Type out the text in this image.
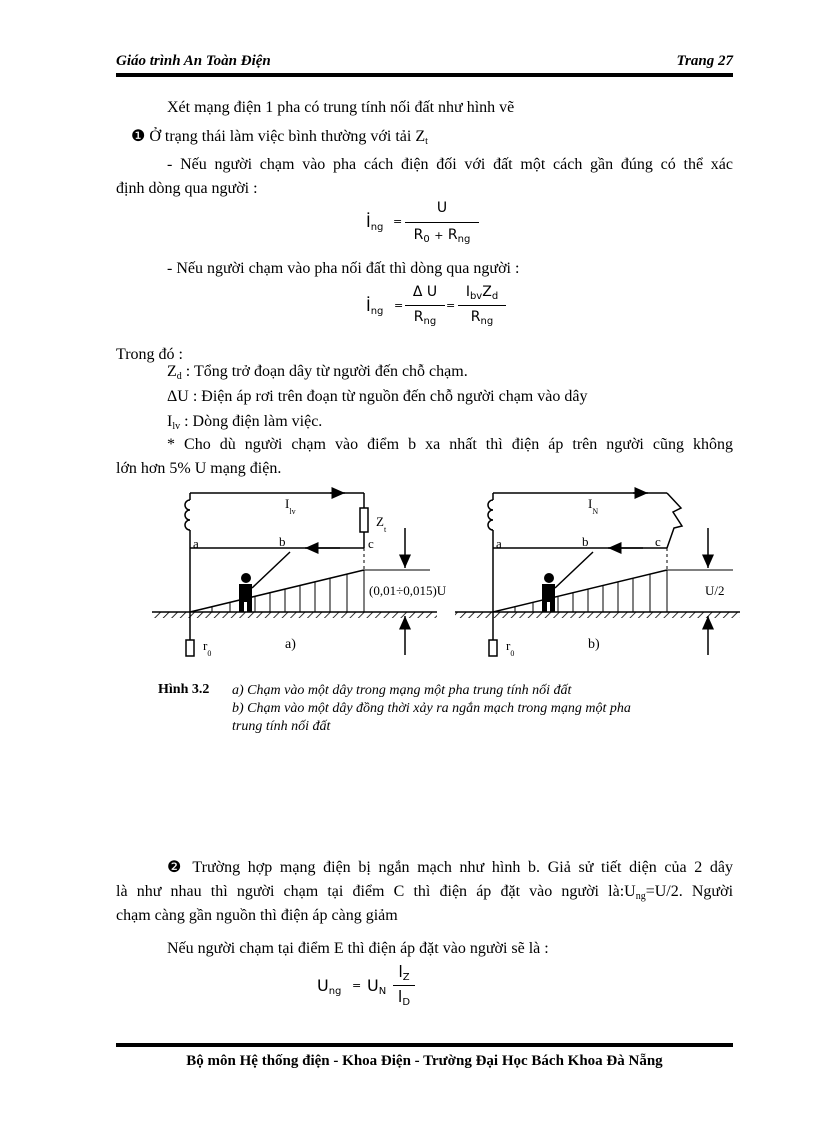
Giáo trình An Toàn Điện	Trang 27
Xét mạng điện 1 pha có trung tính nối đất như hình vẽ
❶ Ở trạng thái làm việc bình thường với tải $Z_t$
- Nếu người chạm vào pha cách điện đối với đất một cách gần đúng có thể xác
định dòng qua người :
$İ_{ng}$ =
U
$R_0 + R_{ng}$
- Nếu người chạm vào pha nối đất thì dòng qua người :
$İ_{ng}$ =
Δ U
$R_{ng}$
=
$I_{bv}Z_d$
$R_{ng}$
Trong đó :
$Z_d$ : Tổng trở đoạn dây từ người đến chỗ chạm.
ΔU : Điện áp rơi trên đoạn từ nguồn đến chỗ người chạm vào dây
$I_{lv}$ : Dòng điện làm việc.
* Cho dù người chạm vào điểm b xa nhất thì điện áp trên người cũng không
lớn hơn 5% U mạng điện.
$I_{lv}$
$Z_t$
a	b	c
(0,01÷0,015)U
$r_0$
a)
$I_N$
a	b	c
U/2
$r_0$
b)
Hình 3.2 a) Chạm vào một dây trong mạng một pha trung tính nối đất
b) Chạm vào một dây đồng thời xảy ra ngắn mạch trong mạng một pha
trung tính nối đất
❷ Trường hợp mạng điện bị ngắn mạch như hình b. Giả sử tiết diện của 2 dây
là như nhau thì người chạm tại điểm C thì điện áp đặt vào người $là:U_{ng}=U/2$. Người
chạm càng gần nguồn thì điện áp càng giảm
Nếu người chạm tại điểm E thì điện áp đặt vào người sẽ là :
$U_{ng} = U_N$
$l_Z$
$l_D$
Bộ môn Hệ thống điện - Khoa Điện - Trường Đại Học Bách Khoa Đà Nẵng
